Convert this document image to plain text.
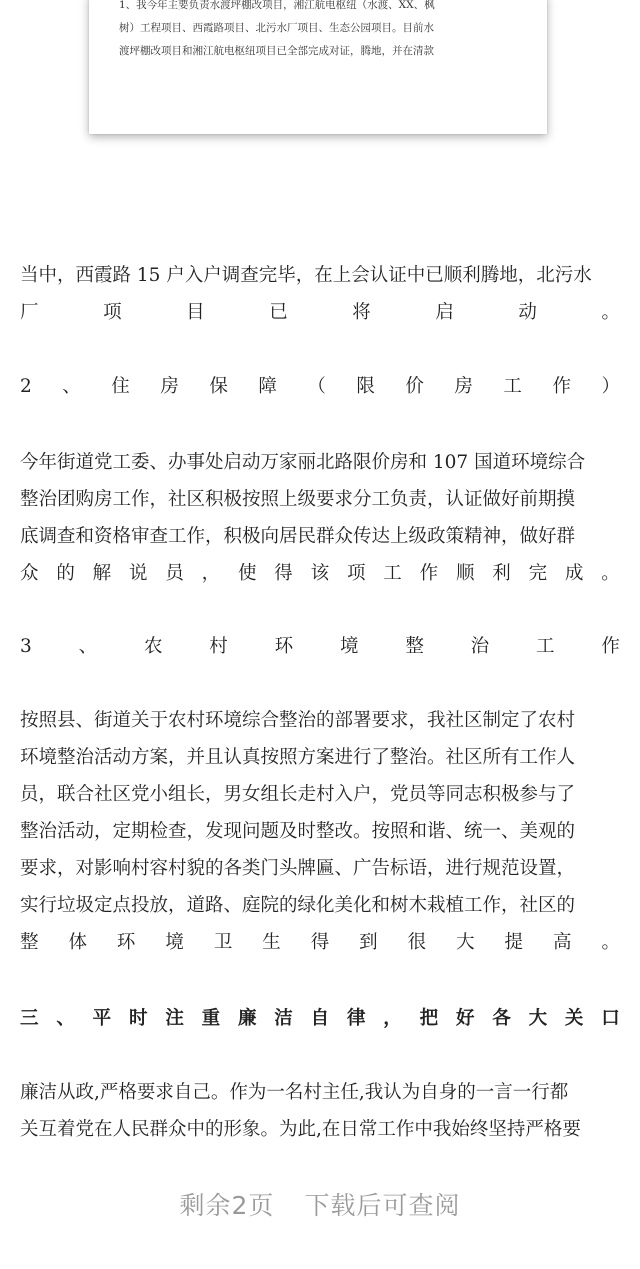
1、我今年主要负责水渡坪棚改项目，湘江航电枢纽（水渡、XX、枫
树）工程项目、西霞路项目、北污水厂项目、生态公园项目。目前水
渡坪棚改项目和湘江航电枢纽项目已全部完成对证，腾地，并在清款
当中，西霞路 15 户入户调查完毕，在上会认证中已顺利腾地，北污水
厂	项	目	已	将	启	动	。
2 、 住 房 保 障 （ 限 价 房 工 作 ）
今年街道党工委、办事处启动万家丽北路限价房和 107 国道环境综合
整治团购房工作，社区积极按照上级要求分工负责，认证做好前期摸
底调查和资格审查工作，积极向居民群众传达上级政策精神，做好群
众 的 解 说 员 ， 使 得 该 项 工 作 顺 利 完 成 。
3	、	农	村	环	境	整	治	工	作
按照县、街道关于农村环境综合整治的部署要求，我社区制定了农村
环境整治活动方案，并且认真按照方案进行了整治。社区所有工作人
员，联合社区党小组长，男女组长走村入户，党员等同志积极参与了
整治活动，定期检查，发现问题及时整改。按照和谐、统一、美观的
要求，对影响村容村貌的各类门头牌匾、广告标语，进行规范设置，
实行垃圾定点投放，道路、庭院的绿化美化和树木栽植工作，社区的
整 体 环 境 卫 生 得 到 很 大 提 高 。
三 、 平 时 注 重 廉 洁 自 律 ， 把 好 各 大 关 口
廉洁从政,严格要求自己。作为一名村主任,我认为自身的一言一行都
关互着党在人民群众中的形象。为此,在日常工作中我始终坚持严格要
剩余2页 下载后可查阅
